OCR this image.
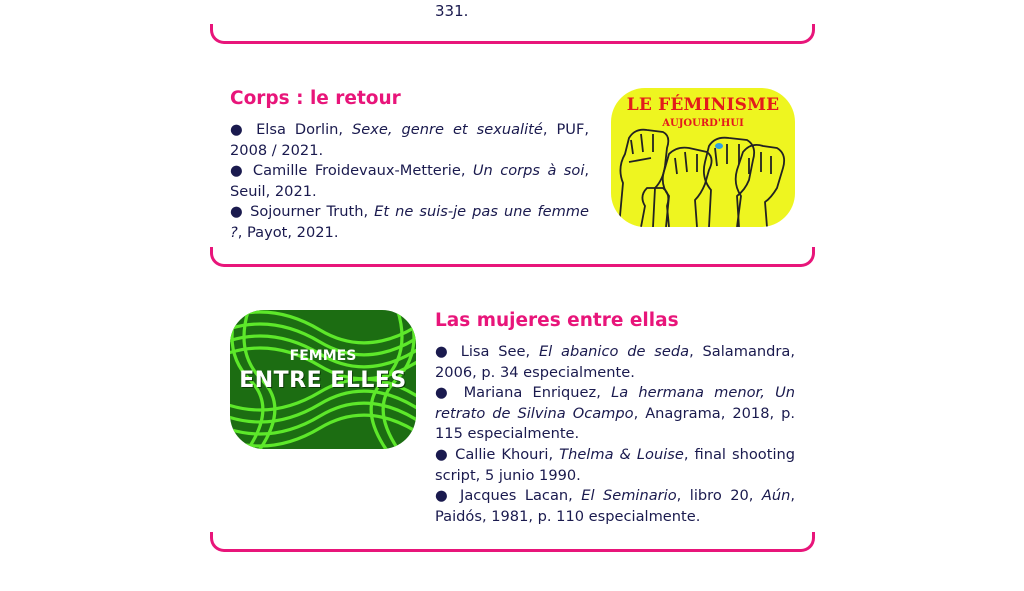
331.
Corps : le retour
● Elsa Dorlin, Sexe, genre et sexualité, PUF, 2008 / 2021.
● Camille Froidevaux-Metterie, Un corps à soi, Seuil, 2021.
● Sojourner Truth, Et ne suis-je pas une femme ?, Payot, 2021.
LE FÉMINISME
AUJOURD'HUI
FEMMES
ENTRE ELLES
Las mujeres entre ellas
● Lisa See, El abanico de seda, Salamandra, 2006, p. 34 especialmente.
● Mariana Enriquez, La hermana menor, Un retrato de Silvina Ocampo, Anagrama, 2018, p. 115 especialmente.
● Callie Khouri, Thelma & Louise, final shooting script, 5 junio 1990.
● Jacques Lacan, El Seminario, libro 20, Aún, Paidós, 1981, p. 110 especialmente.
